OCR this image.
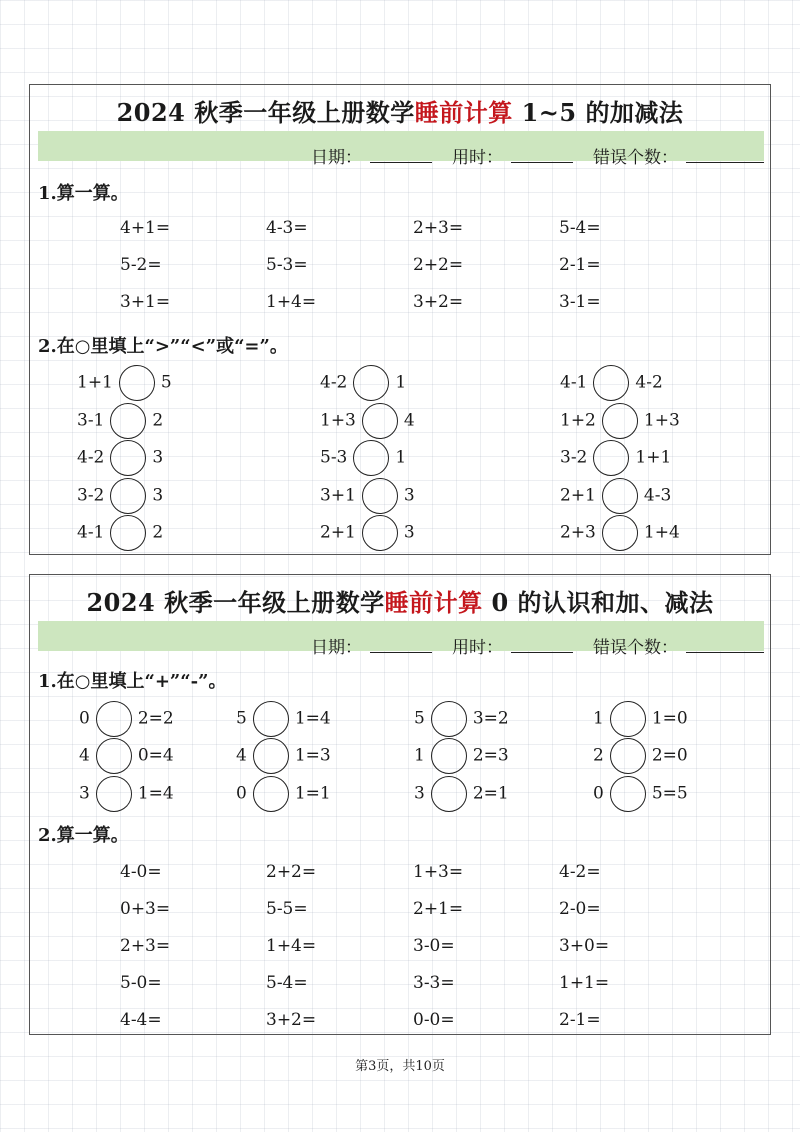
2024 秋季一年级上册数学睡前计算 1~5 的加减法
日期：	用时：	错误个数：
1.算一算。
4+1=	4-3=	2+3=	5-4=
5-2=	5-3=	2+2=	2-1=
3+1=	1+4=	3+2=	3-1=
2.在○里填上“>”“<”或“=”。
1+1	5	4-2	1	4-1	4-2
3-1	2	1+3	4	1+2	1+3
4-2	3	5-3	1	3-2	1+1
3-2	3	3+1	3	2+1	4-3
4-1	2	2+1	3	2+3	1+4
2024 秋季一年级上册数学睡前计算 0 的认识和加、减法
日期：	用时：	错误个数：
1.在○里填上“+”“-”。
0	2=2	5	1=4	5	3=2	1	1=0
4	0=4	4	1=3	1	2=3	2	2=0
3	1=4	0	1=1	3	2=1	0	5=5
2.算一算。
4-0=	2+2=	1+3=	4-2=
0+3=	5-5=	2+1=	2-0=
2+3=	1+4=	3-0=	3+0=
5-0=	5-4=	3-3=	1+1=
4-4=	3+2=	0-0=	2-1=
第3页，共10页
